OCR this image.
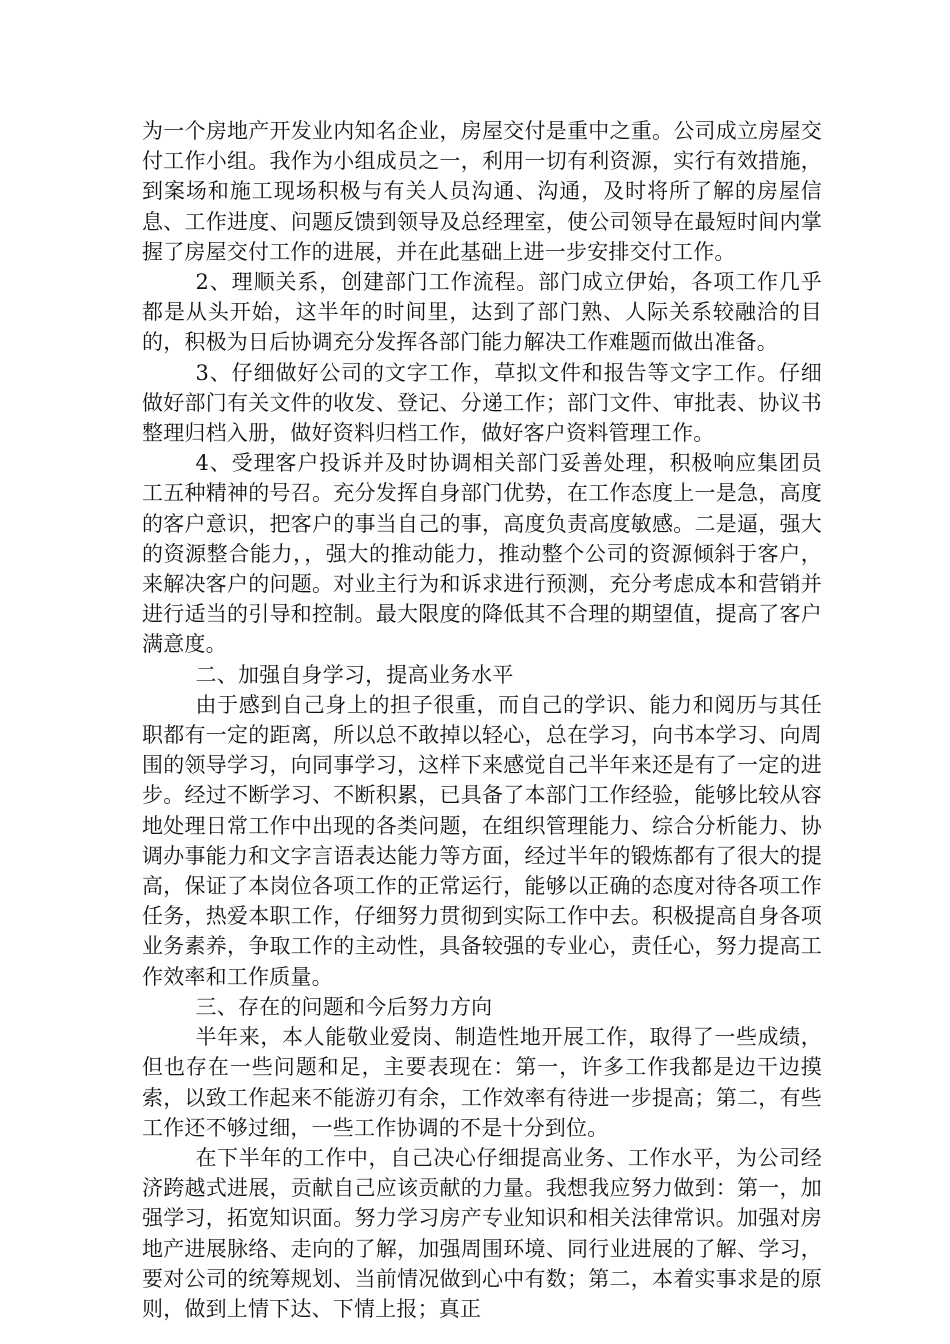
为一个房地产开发业内知名企业，房屋交付是重中之重。公司成立房屋交付工作小组。我作为小组成员之一，利用一切有利资源，实行有效措施，到案场和施工现场积极与有关人员沟通、沟通，及时将所了解的房屋信息、工作进度、问题反馈到领导及总经理室，使公司领导在最短时间内掌握了房屋交付工作的进展，并在此基础上进一步安排交付工作。

2、理顺关系，创建部门工作流程。部门成立伊始，各项工作几乎都是从头开始，这半年的时间里，达到了部门熟、人际关系较融洽的目的，积极为日后协调充分发挥各部门能力解决工作难题而做出准备。

3、仔细做好公司的文字工作，草拟文件和报告等文字工作。仔细做好部门有关文件的收发、登记、分递工作；部门文件、审批表、协议书整理归档入册，做好资料归档工作，做好客户资料管理工作。

4、受理客户投诉并及时协调相关部门妥善处理，积极响应集团员工五种精神的号召。充分发挥自身部门优势，在工作态度上一是急，高度的客户意识，把客户的事当自己的事，高度负责高度敏感。二是逼，强大的资源整合能力，，强大的推动能力，推动整个公司的资源倾斜于客户，来解决客户的问题。对业主行为和诉求进行预测，充分考虑成本和营销并进行适当的引导和控制。最大限度的降低其不合理的期望值，提高了客户满意度。

二、加强自身学习，提高业务水平

由于感到自己身上的担子很重，而自己的学识、能力和阅历与其任职都有一定的距离，所以总不敢掉以轻心，总在学习，向书本学习、向周围的领导学习，向同事学习，这样下来感觉自己半年来还是有了一定的进步。经过不断学习、不断积累，已具备了本部门工作经验，能够比较从容地处理日常工作中出现的各类问题，在组织管理能力、综合分析能力、协调办事能力和文字言语表达能力等方面，经过半年的锻炼都有了很大的提高，保证了本岗位各项工作的正常运行，能够以正确的态度对待各项工作任务，热爱本职工作，仔细努力贯彻到实际工作中去。积极提高自身各项业务素养，争取工作的主动性，具备较强的专业心，责任心，努力提高工作效率和工作质量。

三、存在的问题和今后努力方向

半年来，本人能敬业爱岗、制造性地开展工作，取得了一些成绩，但也存在一些问题和足，主要表现在：第一，许多工作我都是边干边摸索，以致工作起来不能游刃有余，工作效率有待进一步提高；第二，有些工作还不够过细，一些工作协调的不是十分到位。

在下半年的工作中，自己决心仔细提高业务、工作水平，为公司经济跨越式进展，贡献自己应该贡献的力量。我想我应努力做到：第一，加强学习，拓宽知识面。努力学习房产专业知识和相关法律常识。加强对房地产进展脉络、走向的了解，加强周围环境、同行业进展的了解、学习，要对公司的统筹规划、当前情况做到心中有数；第二，本着实事求是的原则，做到上情下达、下情上报；真正
